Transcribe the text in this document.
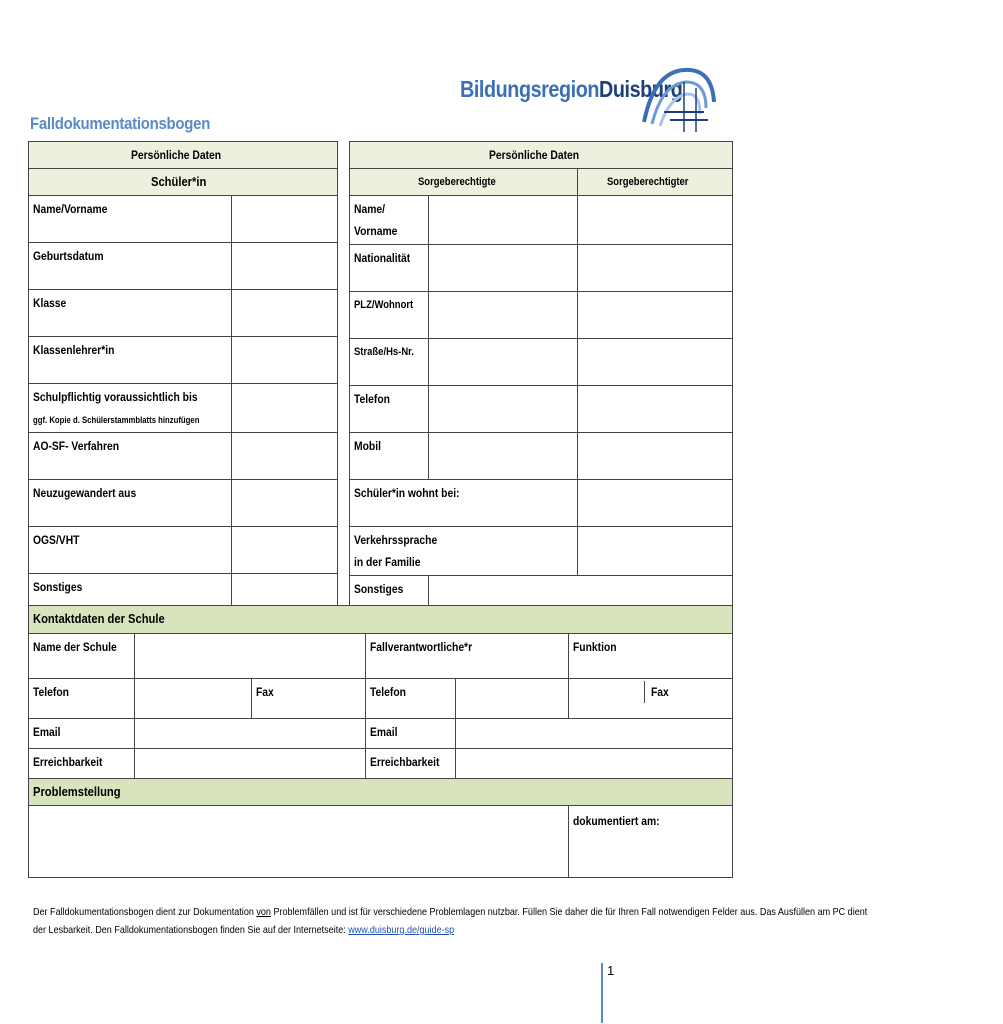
Falldokumentationsbogen
BildungsregionDuisburg
Persönliche Daten	
Schüler*in	
Name/Vorname	
Geburtsdatum	
Klasse	
Klassenlehrer*in	
Schulpflichtig voraussichtlich bis
ggf. Kopie d. Schülerstammblatts hinzufügen	
AO-SF- Verfahren	
Neuzugewandert aus	
OGS/VHT	
Sonstiges	
Persönliche Daten		
Sorgeberechtigte		Sorgeberechtigter
Name/ Vorname		
Nationalität		
PLZ/Wohnort		
Straße/Hs-Nr.		
Telefon		
Mobil		
Schüler*in wohnt bei:		
Verkehrssprache in der Familie		
Sonstiges		
Kontaktdaten der Schule					
Name der Schule			Fallverantwortliche*r		Funktion
Telefon		Fax	Telefon		Fax

Email			Email		
Erreichbarkeit			Erreichbarkeit		
Problemstellung					
					dokumentiert am:
Der Falldokumentationsbogen dient zur Dokumentation von Problemfällen und ist für verschiedene Problemlagen nutzbar. Füllen Sie daher die für Ihren Fall notwendigen Felder aus. Das Ausfüllen am PC dient
der Lesbarkeit. Den Falldokumentationsbogen finden Sie auf der Internetseite: www.duisburg.de/guide-sp
1
